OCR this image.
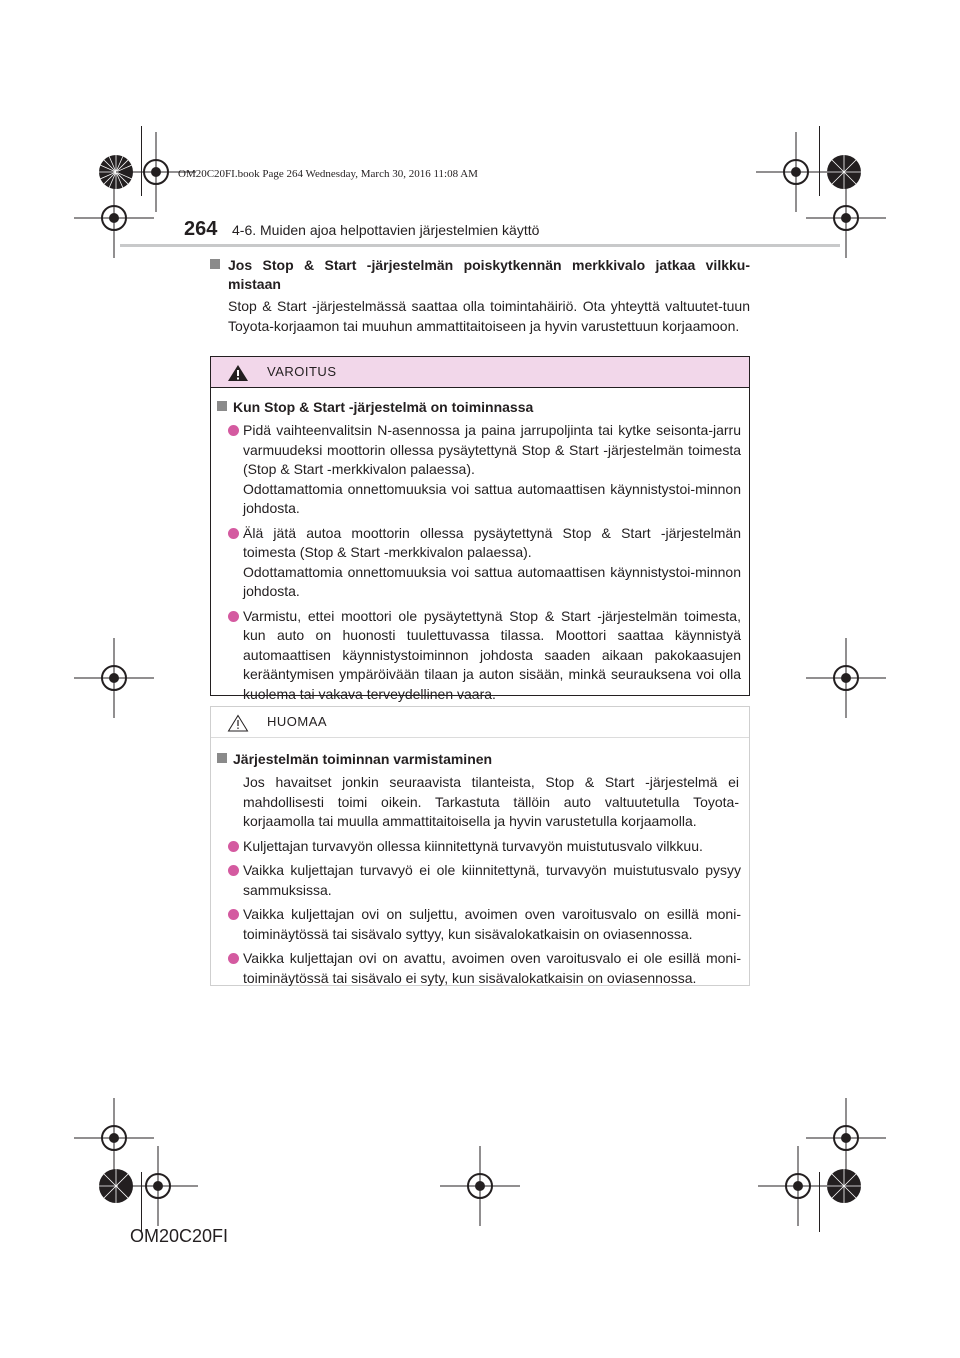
OM20C20FI.book Page 264 Wednesday, March 30, 2016 11:08 AM
264 4-6. Muiden ajoa helpottavien järjestelmien käyttö
Jos Stop & Start -järjestelmän poiskytkennän merkkivalo jatkaa vilkku-mistaan
Stop & Start -järjestelmässä saattaa olla toimintahäiriö. Ota yhteyttä valtuutet-tuun Toyota-korjaamon tai muuhun ammattitaitoiseen ja hyvin varustettuun korjaamoon.
VAROITUS
Kun Stop & Start -järjestelmä on toiminnassa
Pidä vaihteenvalitsin N-asennossa ja paina jarrupoljinta tai kytke seisonta-jarru varmuudeksi moottorin ollessa pysäytettynä Stop & Start -järjestelmän toimesta (Stop & Start -merkkivalon palaessa).
Odottamattomia onnettomuuksia voi sattua automaattisen käynnistystoi-minnon johdosta.
Älä jätä autoa moottorin ollessa pysäytettynä Stop & Start -järjestelmän toimesta (Stop & Start -merkkivalon palaessa).
Odottamattomia onnettomuuksia voi sattua automaattisen käynnistystoi-minnon johdosta.
Varmistu, ettei moottori ole pysäytettynä Stop & Start -järjestelmän toimesta, kun auto on huonosti tuulettuvassa tilassa. Moottori saattaa käynnistyä automaattisen käynnistystoiminnon johdosta saaden aikaan pakokaasujen kerääntymisen ympäröivään tilaan ja auton sisään, minkä seurauksena voi olla kuolema tai vakava terveydellinen vaara.
HUOMAA
Järjestelmän toiminnan varmistaminen
Jos havaitset jonkin seuraavista tilanteista, Stop & Start -järjestelmä ei mahdollisesti toimi oikein. Tarkastuta tällöin auto valtuutetulla Toyota-korjaamolla tai muulla ammattitaitoisella ja hyvin varustetulla korjaamolla.
Kuljettajan turvavyön ollessa kiinnitettynä turvavyön muistutusvalo vilkkuu.
Vaikka kuljettajan turvavyö ei ole kiinnitettynä, turvavyön muistutusvalo pysyy sammuksissa.
Vaikka kuljettajan ovi on suljettu, avoimen oven varoitusvalo on esillä moni-toiminäytössä tai sisävalo syttyy, kun sisävalokatkaisin on oviasennossa.
Vaikka kuljettajan ovi on avattu, avoimen oven varoitusvalo ei ole esillä moni-toiminäytössä tai sisävalo ei syty, kun sisävalokatkaisin on oviasennossa.
OM20C20FI
